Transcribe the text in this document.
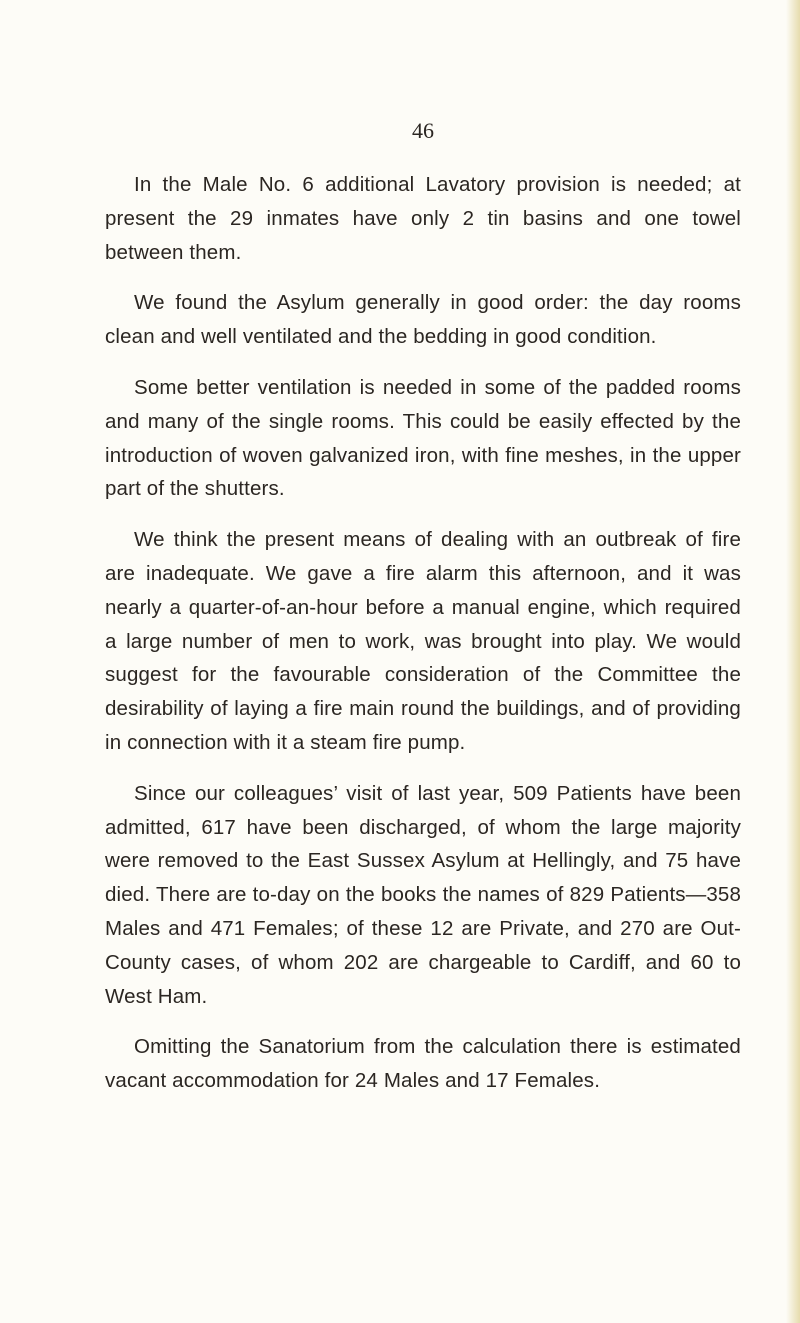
46

In the Male No. 6 additional Lavatory provision is needed; at present the 29 inmates have only 2 tin basins and one towel between them.

We found the Asylum generally in good order: the day rooms clean and well ventilated and the bedding in good condition.

Some better ventilation is needed in some of the padded rooms and many of the single rooms. This could be easily effected by the introduction of woven galvanized iron, with fine meshes, in the upper part of the shutters.

We think the present means of dealing with an outbreak of fire are inadequate. We gave a fire alarm this afternoon, and it was nearly a quarter-of-an-hour before a manual engine, which required a large number of men to work, was brought into play. We would suggest for the favourable consideration of the Committee the desirability of laying a fire main round the buildings, and of providing in connection with it a steam fire pump.

Since our colleagues’ visit of last year, 509 Patients have been admitted, 617 have been discharged, of whom the large majority were removed to the East Sussex Asylum at Hellingly, and 75 have died. There are to-day on the books the names of 829 Patients—358 Males and 471 Females; of these 12 are Private, and 270 are Out-County cases, of whom 202 are chargeable to Cardiff, and 60 to West Ham.

Omitting the Sanatorium from the calculation there is estimated vacant accommodation for 24 Males and 17 Females.
